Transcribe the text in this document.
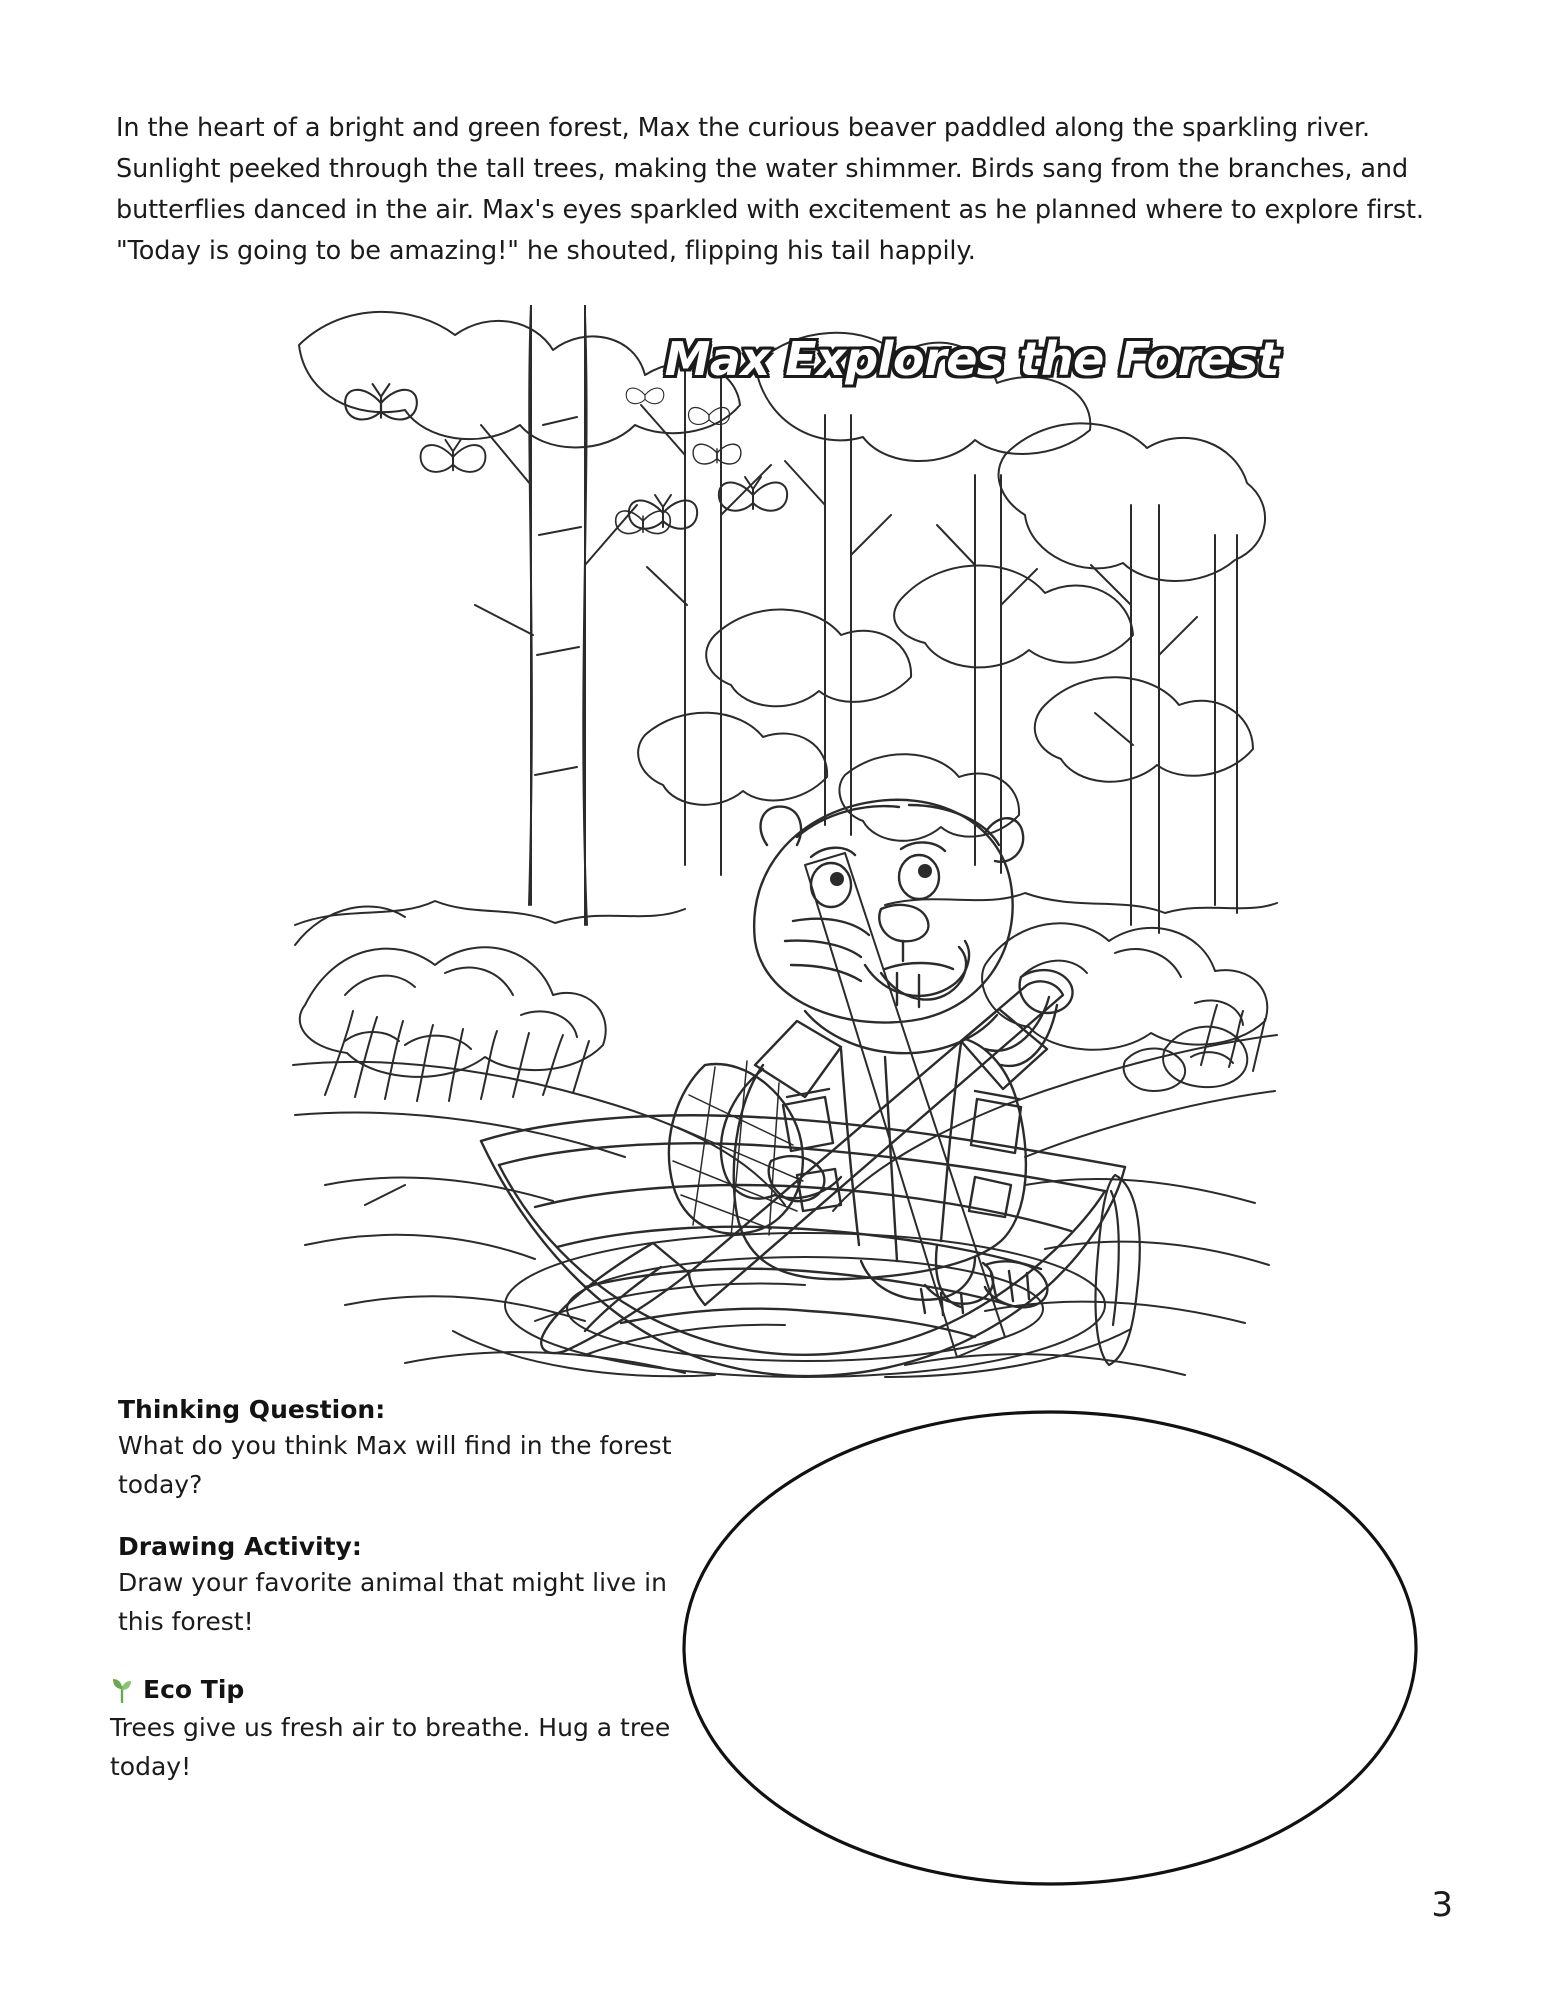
In the heart of a bright and green forest, Max the curious beaver paddled along the sparkling river. Sunlight peeked through the tall trees, making the water shimmer. Birds sang from the branches, and butterflies danced in the air. Max's eyes sparkled with excitement as he planned where to explore first. "Today is going to be amazing!" he shouted, flipping his tail happily.
Max Explores the Forest
Thinking Question:
What do you think Max will find in the forest today?
Drawing Activity:
Draw your favorite animal that might live in this forest!
Eco Tip
Trees give us fresh air to breathe. Hug a tree today!
3
